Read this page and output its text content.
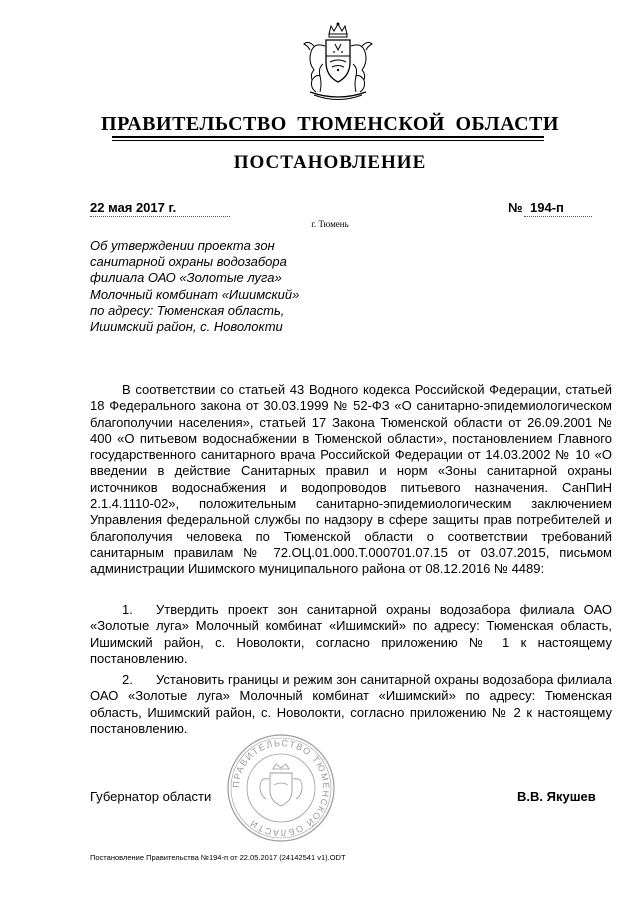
ПРАВИТЕЛЬСТВО ТЮМЕНСКОЙ ОБЛАСТИ
ПОСТАНОВЛЕНИЕ
22 мая 2017 г.	№ 194-п
г. Тюмень
Об утверждении проекта зон
санитарной охраны водозабора
филиала ОАО «Золотые луга»
Молочный комбинат «Ишимский»
по адресу: Тюменская область,
Ишимский район, с. Новолокти

В соответствии со статьей 43 Водного кодекса Российской Федерации, статьей 18 Федерального закона от 30.03.1999 № 52-ФЗ «О санитарно-эпидемиологическом благополучии населения», статьей 17 Закона Тюменской области от 26.09.2001 № 400 «О питьевом водоснабжении в Тюменской области», постановлением Главного государственного санитарного врача Российской Федерации от 14.03.2002 № 10 «О введении в действие Санитарных правил и норм «Зоны санитарной охраны источников водоснабжения и водопроводов питьевого назначения. СанПиН 2.1.4.1110-02», положительным санитарно-эпидемиологическим заключением Управления федеральной службы по надзору в сфере защиты прав потребителей и благополучия человека по Тюменской области о соответствии требований санитарным правилам № 72.ОЦ.01.000.Т.000701.07.15 от 03.07.2015, письмом администрации Ишимского муниципального района от 08.12.2016 № 4489:

1. Утвердить проект зон санитарной охраны водозабора филиала ОАО «Золотые луга» Молочный комбинат «Ишимский» по адресу: Тюменская область, Ишимский район, с. Новолокти, согласно приложению № 1 к настоящему постановлению.

2. Установить границы и режим зон санитарной охраны водозабора филиала ОАО «Золотые луга» Молочный комбинат «Ишимский» по адресу: Тюменская область, Ишимский район, с. Новолокти, согласно приложению № 2 к настоящему постановлению.

ПРАВИТЕЛЬСТВО ТЮМЕНСКОЙ ОБЛАСТИ
Губернатор области	В.В. Якушев
Постановление Правительства №194-п от 22.05.2017 (24142541 v1).ODT
